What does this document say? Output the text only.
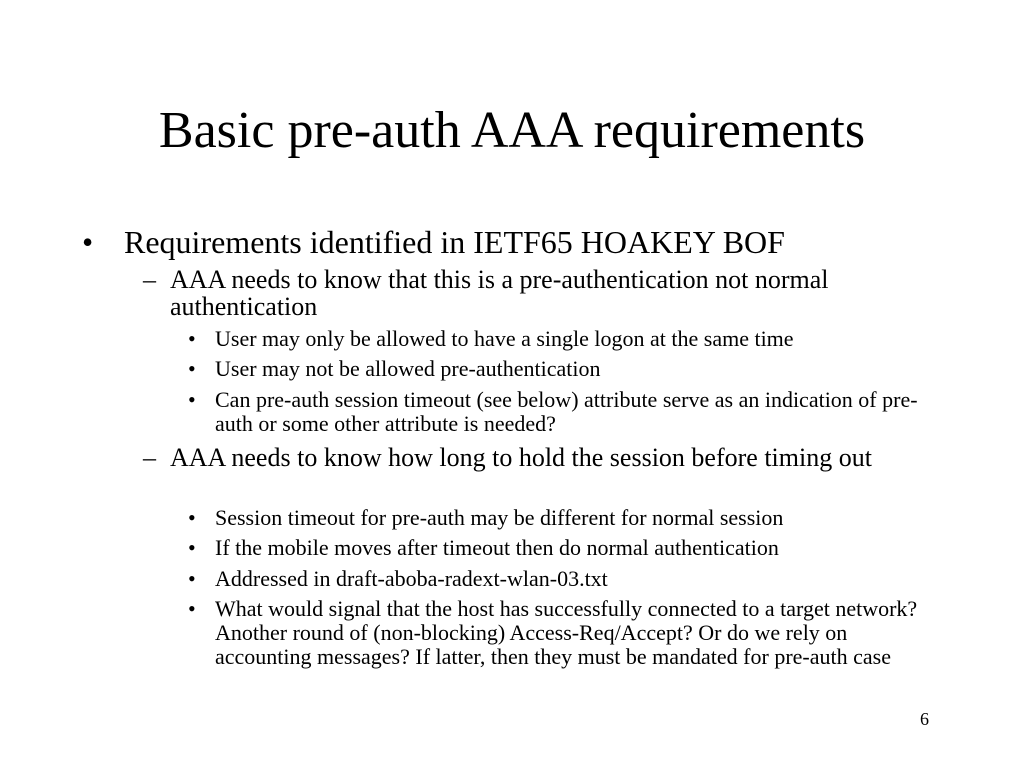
Basic pre-auth AAA requirements
• Requirements identified in IETF65 HOAKEY BOF
– AAA needs to know that this is a pre-authentication not normal authentication
• User may only be allowed to have a single logon at the same time
• User may not be allowed pre-authentication
• Can pre-auth session timeout (see below) attribute serve as an indication of pre-auth or some other attribute is needed?
– AAA needs to know how long to hold the session before timing out
• Session timeout for pre-auth may be different for normal session
• If the mobile moves after timeout then do normal authentication
• Addressed in draft-aboba-radext-wlan-03.txt
• What would signal that the host has successfully connected to a target network? Another round of (non-blocking) Access-Req/Accept? Or do we rely on accounting messages? If latter, then they must be mandated for pre-auth case
6
